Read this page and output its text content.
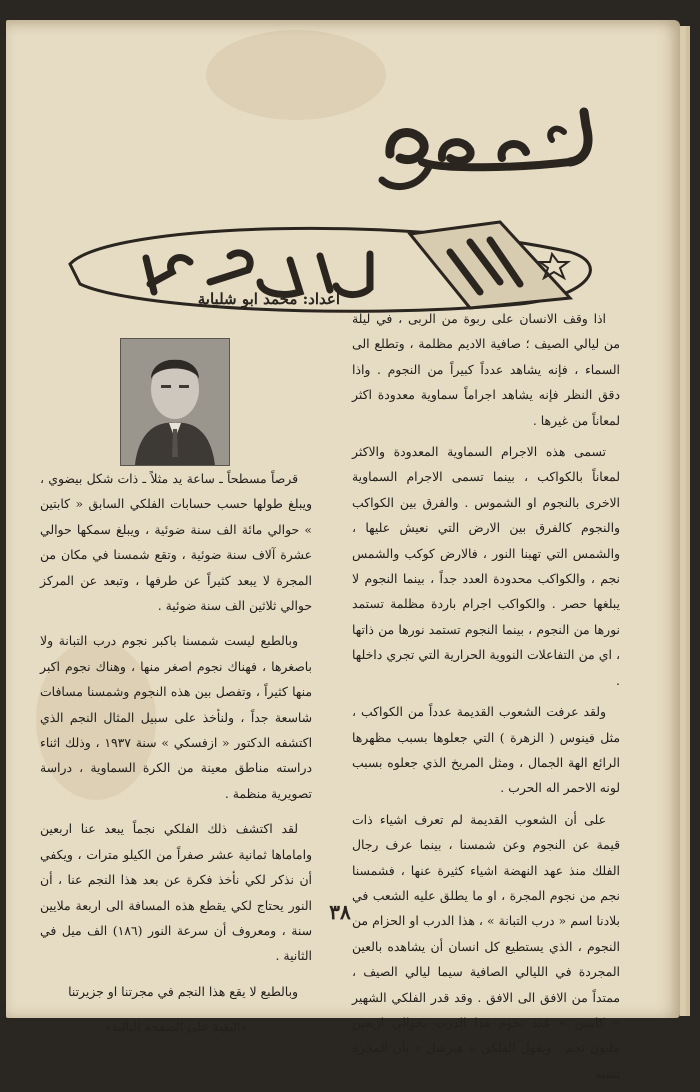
اعداد: محمد ابو شلباية

اذا وقف الانسان على ربوة من الربى ، في ليلة من ليالي الصيف ؛ صافية الاديم مظلمة ، وتطلع الى السماء ، فإنه يشاهد عدداً كبيراً من النجوم . واذا دقق النظر فإنه يشاهد اجراماً سماوية معدودة اكثر لمعاناً من غيرها .

تسمى هذه الاجرام السماوية المعدودة والاكثر لمعاناً بالكواكب ، بينما تسمى الاجرام السماوية الاخرى بالنجوم او الشموس . والفرق بين الكواكب والنجوم كالفرق بين الارض التي نعيش عليها ، والشمس التي تهبنا النور ، فالارض كوكب والشمس نجم ، والكواكب محدودة العدد جداً ، بينما النجوم لا يبلغها حصر . والكواكب اجرام باردة مظلمة تستمد نورها من النجوم ، بينما النجوم تستمد نورها من ذاتها ، اي من التفاعلات النووية الحرارية التي تجري داخلها .

ولقد عرفت الشعوب القديمة عدداً من الكواكب ، مثل فينوس ( الزهرة ) التي جعلوها بسبب مظهرها الرائع الهة الجمال ، ومثل المريخ الذي جعلوه بسبب لونه الاحمر اله الحرب .

على أن الشعوب القديمة لم تعرف اشياء ذات قيمة عن النجوم وعن شمسنا ، بينما عرف رجال الفلك منذ عهد النهضة اشياء كثيرة عنها ، فشمسنا نجم من نجوم المجرة ، او ما يطلق عليه الشعب في بلادنا اسم « درب التبانة » ، هذا الدرب او الحزام من النجوم ، الذي يستطيع كل انسان أن يشاهده بالعين المجردة في الليالي الصافية سيما ليالي الصيف ، ممتداً من الافق الى الافق . وقد قدر الفلكي الشهير « كابتين » عدد نجوم هذا الدرب بحوالي اربعين مليون نجم . ويقول الفلكي « هيرشل » بأن المجرة تشبه

قرصاً مسطحاً ـ ساعة يد مثلاً ـ ذات شكل بيضوي ، ويبلغ طولها حسب حسابات الفلكي السابق « كابتين » حوالي مائة الف سنة ضوئية ، ويبلغ سمكها حوالي عشرة آلاف سنة ضوئية ، وتقع شمسنا في مكان من المجرة لا يبعد كثيراً عن طرفها ، وتبعد عن المركز حوالي ثلاثين الف سنة ضوئية .

وبالطبع ليست شمسنا باكبر نجوم درب التبانة ولا باصغرها ، فهناك نجوم اصغر منها ، وهناك نجوم اكبر منها كثيراً ، وتفصل بين هذه النجوم وشمسنا مسافات شاسعة جداً ، ولنأخذ على سبيل المثال النجم الذي اكتشفه الدكتور « ازفسكي » سنة ١٩٣٧ ، وذلك اثناء دراسته مناطق معينة من الكرة السماوية ، دراسة تصويرية منظمة .

لقد اكتشف ذلك الفلكي نجماً يبعد عنا اربعين واماماها ثمانية عشر صفراً من الكيلو مترات ، ويكفي أن نذكر لكي نأخذ فكرة عن بعد هذا النجم عنا ، أن النور يحتاج لكي يقطع هذه المسافة الى اربعة ملايين سنة ، ومعروف أن سرعة النور (١٨٦) الف ميل في الثانية .

وبالطبع لا يقع هذا النجم في مجرتنا او جزيرتنا

«البقية على الصفحة التالية»

٣٨
